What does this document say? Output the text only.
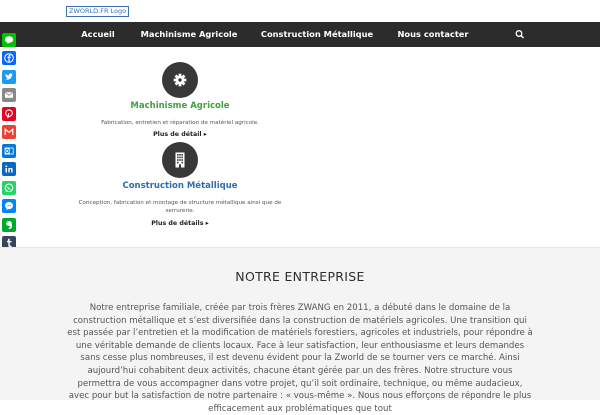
ZWORLD.FR Logo
Accueil	Machinisme Agricole	Construction Métallique	Nous contacter
Machinisme Agricole
Fabrication, entretien et réparation de matériel agricole.
Plus de détail ▸
Construction Métallique
Conception, fabrication et montage de structure métallique ainsi que de serrurerie.
Plus de détails ▸
NOTRE ENTREPRISE
Notre entreprise familiale, créée par trois frères ZWANG en 2011, a débuté dans le domaine de la construction métallique et s’est diversifiée dans la construction de matériels agricoles. Une transition qui est passée par l’entretien et la modification de matériels forestiers, agricoles et industriels, pour répondre à une véritable demande de clients locaux. Face à leur satisfaction, leur enthousiasme et leurs demandes sans cesse plus nombreuses, il est devenu évident pour la Zworld de se tourner vers ce marché. Ainsi aujourd’hui cohabitent deux activités, chacune étant gérée par un des frères. Notre structure vous permettra de vous accompagner dans votre projet, qu’il soit ordinaire, technique, ou même audacieux, avec pour but la satisfaction de notre partenaire : « vous-même ». Nous nous efforçons de répondre le plus efficacement aux problématiques que tout
